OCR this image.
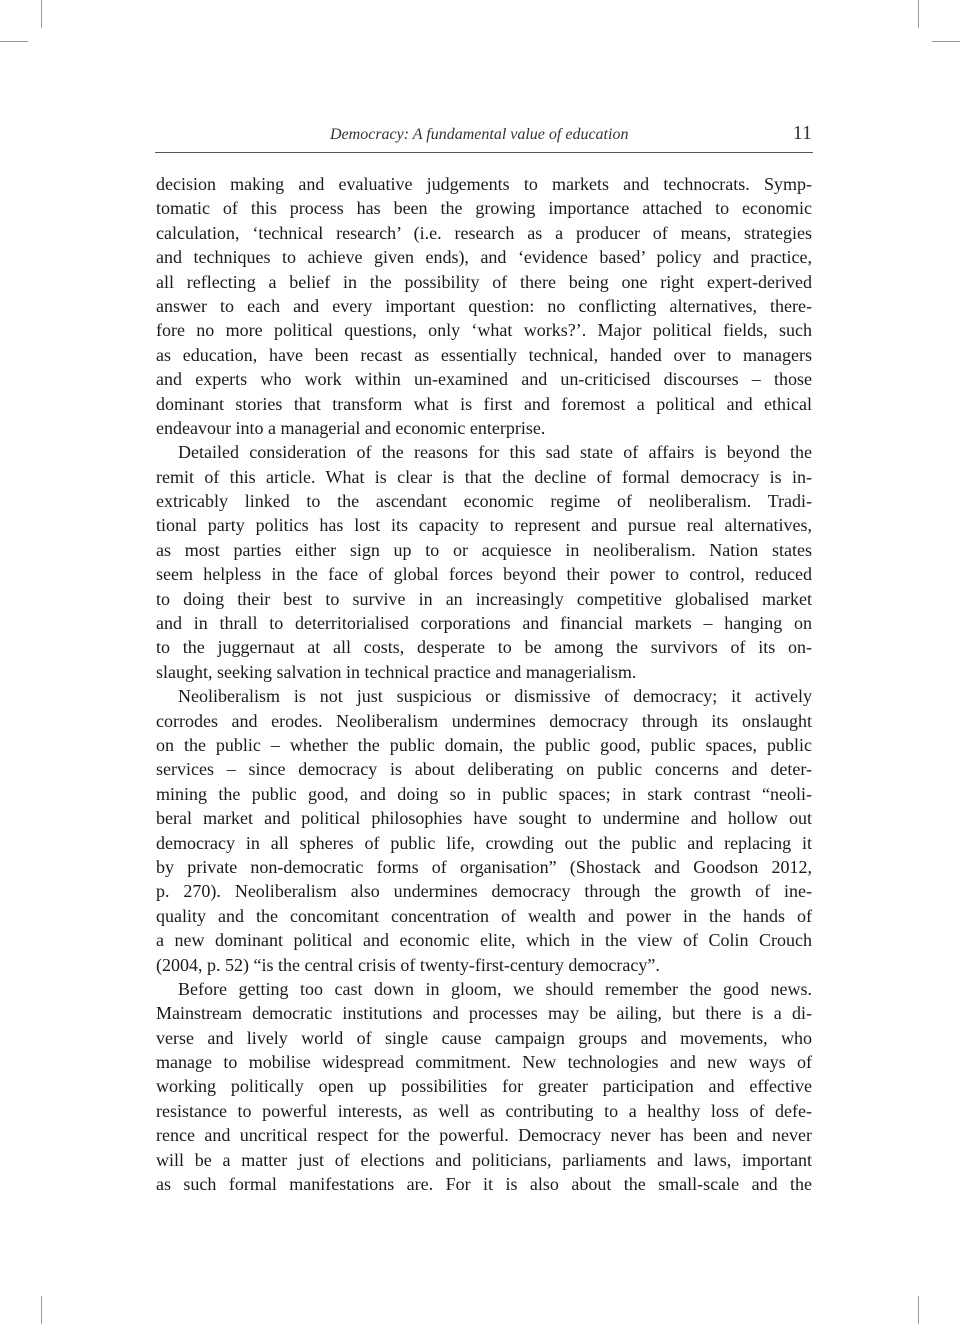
Democracy: A fundamental value of education	11
decision making and evaluative judgements to markets and technocrats. Symp-
tomatic of this process has been the growing importance attached to economic
calculation, ‘technical research’ (i.e. research as a producer of means, strategies
and techniques to achieve given ends), and ‘evidence based’ policy and practice,
all reflecting a belief in the possibility of there being one right expert-derived
answer to each and every important question: no conflicting alternatives, there-
fore no more political questions, only ‘what works?’. Major political fields, such
as education, have been recast as essentially technical, handed over to managers
and experts who work within un-examined and un-criticised discourses – those
dominant stories that transform what is first and foremost a political and ethical
endeavour into a managerial and economic enterprise.
Detailed consideration of the reasons for this sad state of affairs is beyond the
remit of this article. What is clear is that the decline of formal democracy is in-
extricably linked to the ascendant economic regime of neoliberalism. Tradi-
tional party politics has lost its capacity to represent and pursue real alternatives,
as most parties either sign up to or acquiesce in neoliberalism. Nation states
seem helpless in the face of global forces beyond their power to control, reduced
to doing their best to survive in an increasingly competitive globalised market
and in thrall to deterritorialised corporations and financial markets – hanging on
to the juggernaut at all costs, desperate to be among the survivors of its on-
slaught, seeking salvation in technical practice and managerialism.
Neoliberalism is not just suspicious or dismissive of democracy; it actively
corrodes and erodes. Neoliberalism undermines democracy through its onslaught
on the public – whether the public domain, the public good, public spaces, public
services – since democracy is about deliberating on public concerns and deter-
mining the public good, and doing so in public spaces; in stark contrast “neoli-
beral market and political philosophies have sought to undermine and hollow out
democracy in all spheres of public life, crowding out the public and replacing it
by private non-democratic forms of organisation” (Shostack and Goodson 2012,
p. 270). Neoliberalism also undermines democracy through the growth of ine-
quality and the concomitant concentration of wealth and power in the hands of
a new dominant political and economic elite, which in the view of Colin Crouch
(2004, p. 52) “is the central crisis of twenty-first-century democracy”.
Before getting too cast down in gloom, we should remember the good news.
Mainstream democratic institutions and processes may be ailing, but there is a di-
verse and lively world of single cause campaign groups and movements, who
manage to mobilise widespread commitment. New technologies and new ways of
working politically open up possibilities for greater participation and effective
resistance to powerful interests, as well as contributing to a healthy loss of defe-
rence and uncritical respect for the powerful. Democracy never has been and never
will be a matter just of elections and politicians, parliaments and laws, important
as such formal manifestations are. For it is also about the small-scale and the
